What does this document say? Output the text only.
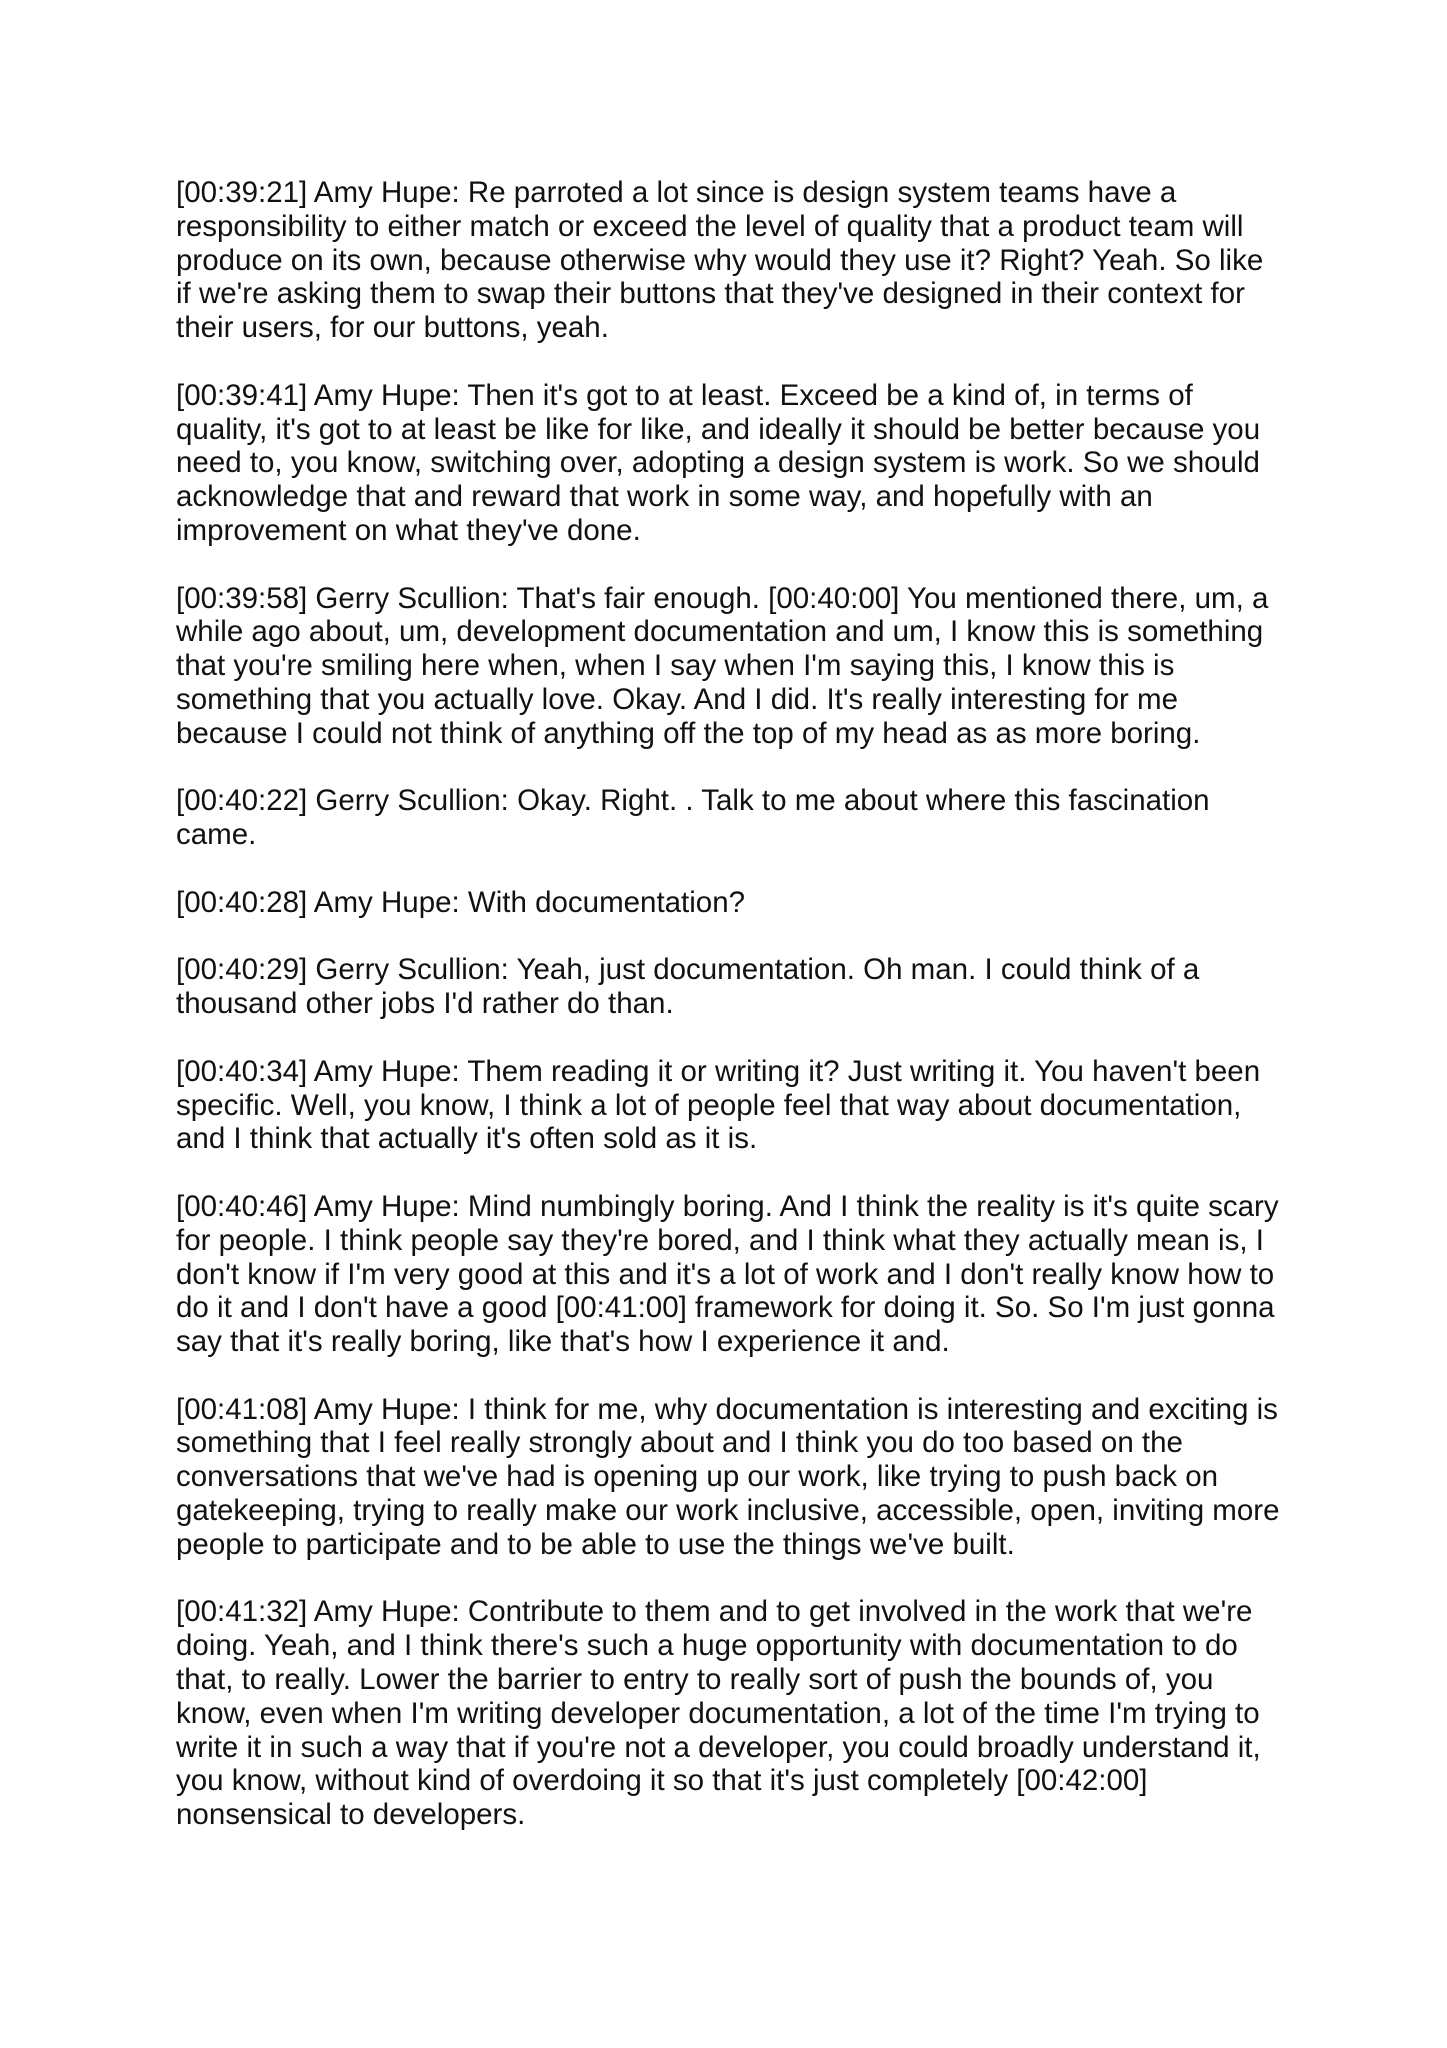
[00:39:21] Amy Hupe: Re parroted a lot since is design system teams have a
responsibility to either match or exceed the level of quality that a product team will
produce on its own, because otherwise why would they use it? Right? Yeah. So like
if we're asking them to swap their buttons that they've designed in their context for
their users, for our buttons, yeah.

[00:39:41] Amy Hupe: Then it's got to at least. Exceed be a kind of, in terms of
quality, it's got to at least be like for like, and ideally it should be better because you
need to, you know, switching over, adopting a design system is work. So we should
acknowledge that and reward that work in some way, and hopefully with an
improvement on what they've done.

[00:39:58] Gerry Scullion: That's fair enough. [00:40:00] You mentioned there, um, a
while ago about, um, development documentation and um, I know this is something
that you're smiling here when, when I say when I'm saying this, I know this is
something that you actually love. Okay. And I did. It's really interesting for me
because I could not think of anything off the top of my head as as more boring.

[00:40:22] Gerry Scullion: Okay. Right. . Talk to me about where this fascination
came.

[00:40:28] Amy Hupe: With documentation?

[00:40:29] Gerry Scullion: Yeah, just documentation. Oh man. I could think of a
thousand other jobs I'd rather do than.

[00:40:34] Amy Hupe: Them reading it or writing it? Just writing it. You haven't been
specific. Well, you know, I think a lot of people feel that way about documentation,
and I think that actually it's often sold as it is.

[00:40:46] Amy Hupe: Mind numbingly boring. And I think the reality is it's quite scary
for people. I think people say they're bored, and I think what they actually mean is, I
don't know if I'm very good at this and it's a lot of work and I don't really know how to
do it and I don't have a good [00:41:00] framework for doing it. So. So I'm just gonna
say that it's really boring, like that's how I experience it and.

[00:41:08] Amy Hupe: I think for me, why documentation is interesting and exciting is
something that I feel really strongly about and I think you do too based on the
conversations that we've had is opening up our work, like trying to push back on
gatekeeping, trying to really make our work inclusive, accessible, open, inviting more
people to participate and to be able to use the things we've built.

[00:41:32] Amy Hupe: Contribute to them and to get involved in the work that we're
doing. Yeah, and I think there's such a huge opportunity with documentation to do
that, to really. Lower the barrier to entry to really sort of push the bounds of, you
know, even when I'm writing developer documentation, a lot of the time I'm trying to
write it in such a way that if you're not a developer, you could broadly understand it,
you know, without kind of overdoing it so that it's just completely [00:42:00]
nonsensical to developers.
